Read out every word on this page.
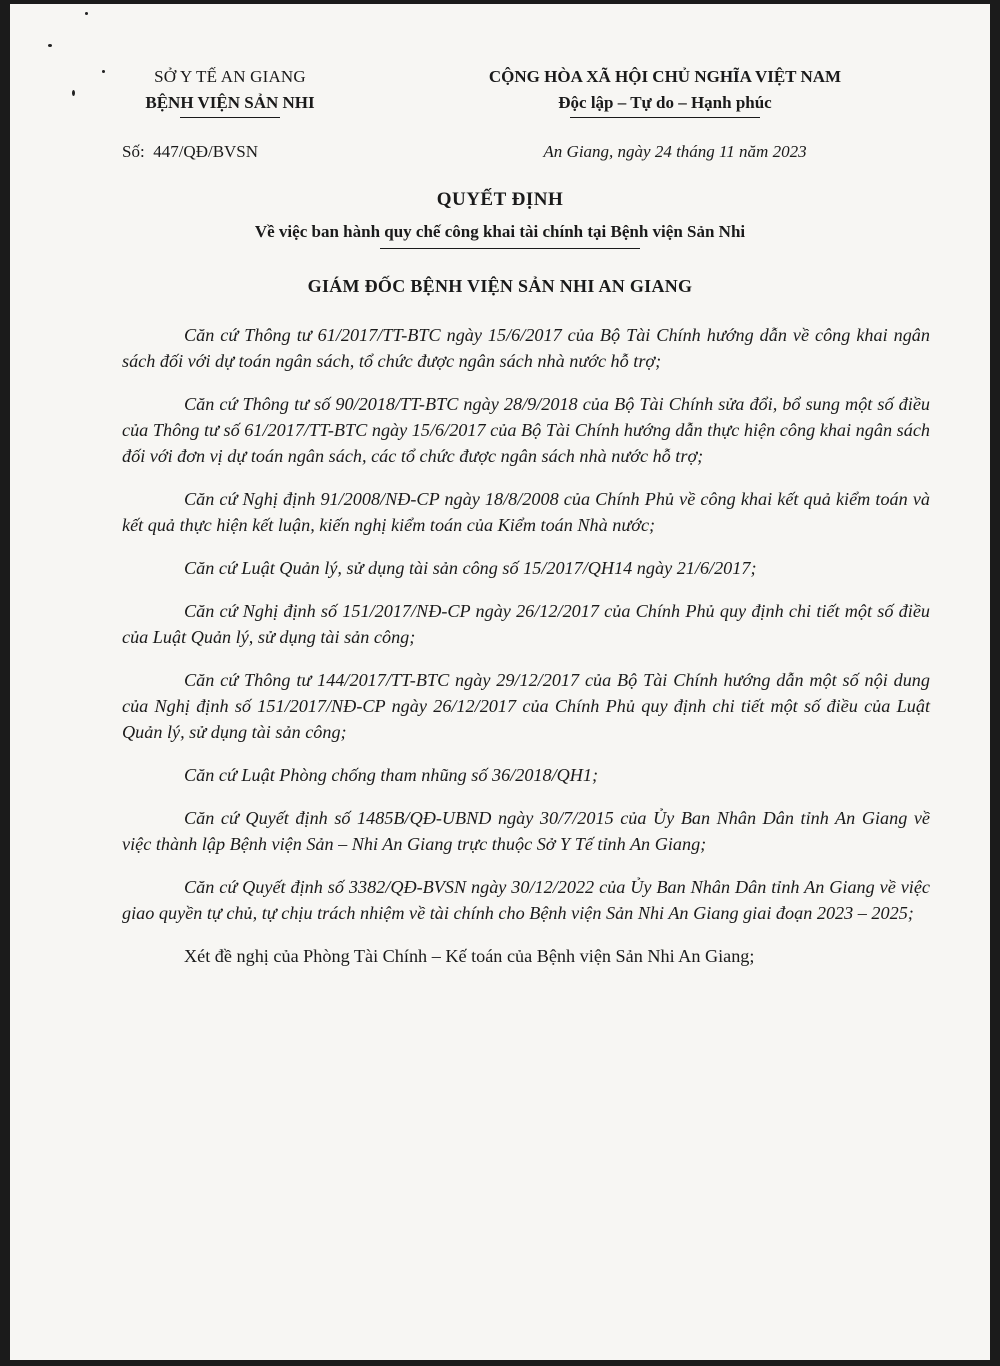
SỞ Y TẾ AN GIANG
BỆNH VIỆN SẢN NHI
CỘNG HÒA XÃ HỘI CHỦ NGHĨA VIỆT NAM
Độc lập – Tự do – Hạnh phúc
Số: 447/QĐ/BVSN	An Giang, ngày 24 tháng 11 năm 2023
QUYẾT ĐỊNH
Về việc ban hành quy chế công khai tài chính tại Bệnh viện Sản Nhi
GIÁM ĐỐC BỆNH VIỆN SẢN NHI AN GIANG

Căn cứ Thông tư 61/2017/TT-BTC ngày 15/6/2017 của Bộ Tài Chính hướng dẫn về công khai ngân sách đối với dự toán ngân sách, tổ chức được ngân sách nhà nước hỗ trợ;

Căn cứ Thông tư số 90/2018/TT-BTC ngày 28/9/2018 của Bộ Tài Chính sửa đổi, bổ sung một số điều của Thông tư số 61/2017/TT-BTC ngày 15/6/2017 của Bộ Tài Chính hướng dẫn thực hiện công khai ngân sách đối với đơn vị dự toán ngân sách, các tổ chức được ngân sách nhà nước hỗ trợ;

Căn cứ Nghị định 91/2008/NĐ-CP ngày 18/8/2008 của Chính Phủ về công khai kết quả kiểm toán và kết quả thực hiện kết luận, kiến nghị kiểm toán của Kiểm toán Nhà nước;

Căn cứ Luật Quản lý, sử dụng tài sản công số 15/2017/QH14 ngày 21/6/2017;

Căn cứ Nghị định số 151/2017/NĐ-CP ngày 26/12/2017 của Chính Phủ quy định chi tiết một số điều của Luật Quản lý, sử dụng tài sản công;

Căn cứ Thông tư 144/2017/TT-BTC ngày 29/12/2017 của Bộ Tài Chính hướng dẫn một số nội dung của Nghị định số 151/2017/NĐ-CP ngày 26/12/2017 của Chính Phủ quy định chi tiết một số điều của Luật Quản lý, sử dụng tài sản công;

Căn cứ Luật Phòng chống tham nhũng số 36/2018/QH1;

Căn cứ Quyết định số 1485B/QĐ-UBND ngày 30/7/2015 của Ủy Ban Nhân Dân tỉnh An Giang về việc thành lập Bệnh viện Sản – Nhi An Giang trực thuộc Sở Y Tế tỉnh An Giang;

Căn cứ Quyết định số 3382/QĐ-BVSN ngày 30/12/2022 của Ủy Ban Nhân Dân tỉnh An Giang về việc giao quyền tự chủ, tự chịu trách nhiệm về tài chính cho Bệnh viện Sản Nhi An Giang giai đoạn 2023 – 2025;

Xét đề nghị của Phòng Tài Chính – Kế toán của Bệnh viện Sản Nhi An Giang;
